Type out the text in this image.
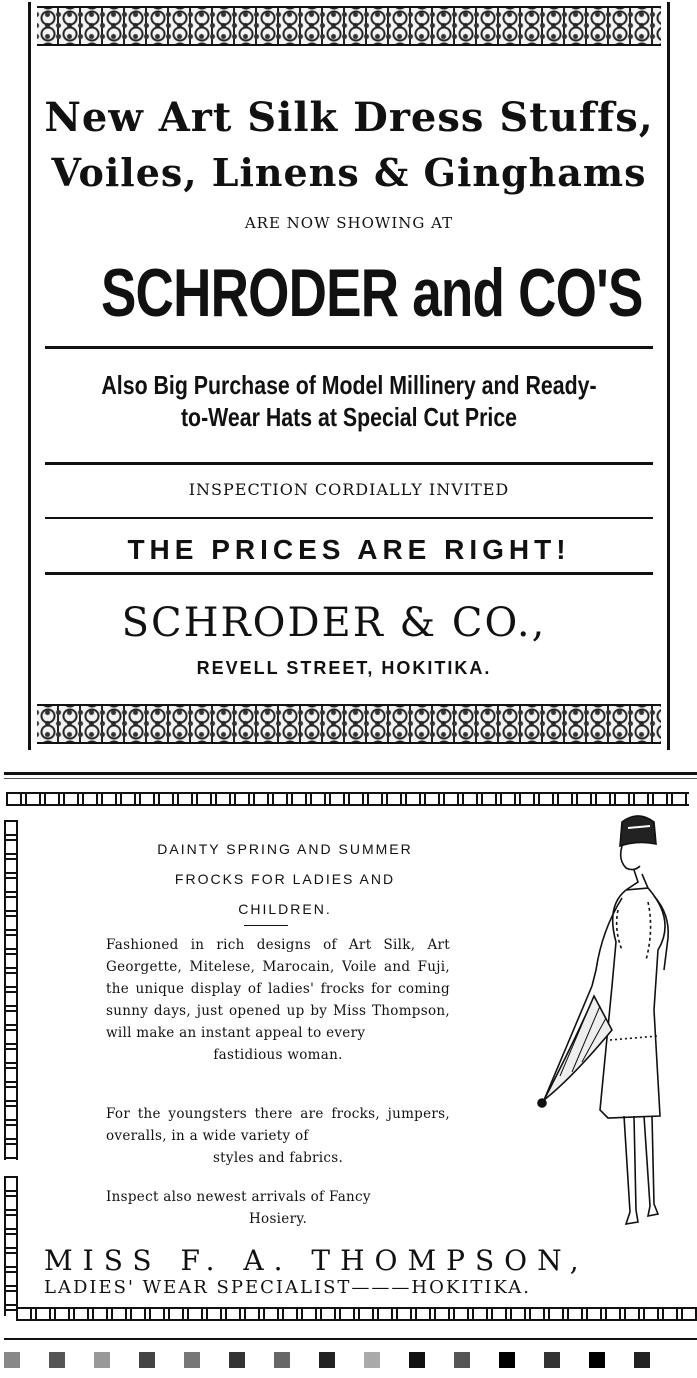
New Art Silk Dress Stuffs,
Voiles, Linens & Ginghams
ARE NOW SHOWING AT
SCHRODER and CO'S
Also Big Purchase of Model Millinery and Ready-
to-Wear Hats at Special Cut Price
INSPECTION CORDIALLY INVITED
THE PRICES ARE RIGHT!
SCHRODER & CO.,
REVELL STREET, HOKITIKA.
DAINTY SPRING AND SUMMER
FROCKS FOR LADIES AND
CHILDREN.
Fashioned in rich designs of Art Silk, Art Georgette, Mitelese, Marocain, Voile and Fuji, the unique display of ladies' frocks for coming sunny days, just opened up by Miss Thompson, will make an instant appeal to every
fastidious woman.
For the youngsters there are frocks, jumpers, overalls, in a wide variety of
styles and fabrics.
Inspect also newest arrivals of Fancy
Hosiery.
MISS F. A. THOMPSON,
LADIES' WEAR SPECIALIST———HOKITIKA.
